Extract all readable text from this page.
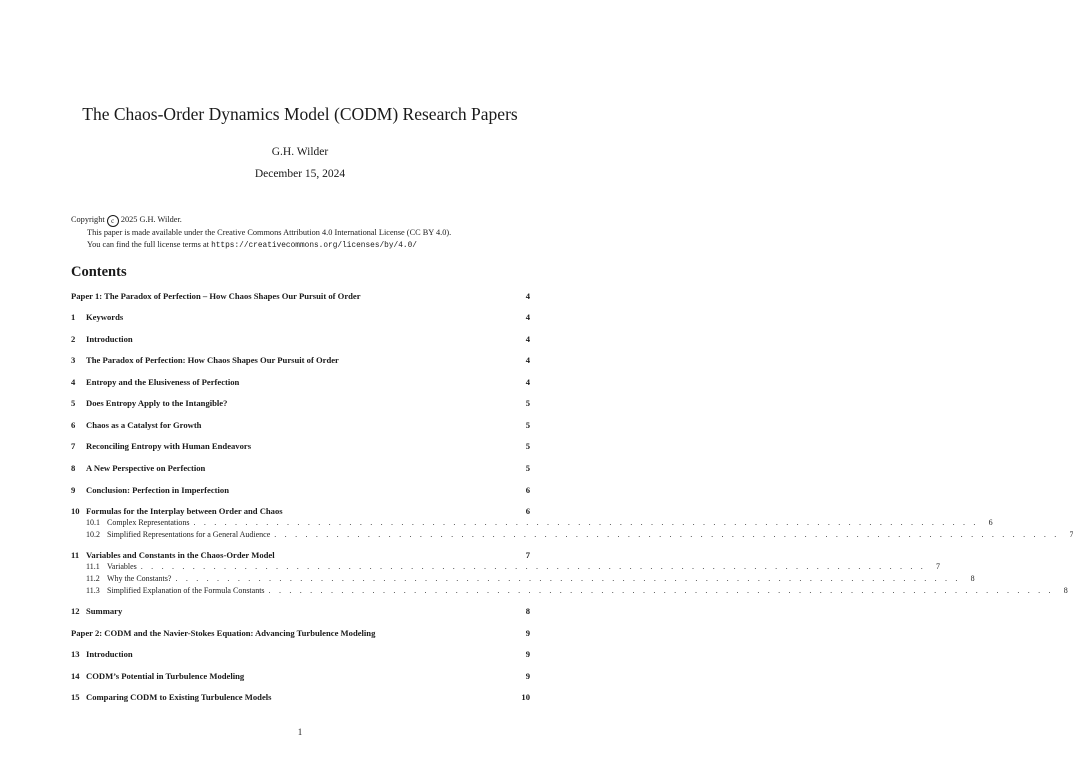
The Chaos-Order Dynamics Model (CODM) Research Papers
G.H. Wilder
December 15, 2024
Copyright c 2025 G.H. Wilder.
This paper is made available under the Creative Commons Attribution 4.0 International License (CC BY 4.0).
You can find the full license terms at https://creativecommons.org/licenses/by/4.0/
Contents
Paper 1: The Paradox of Perfection – How Chaos Shapes Our Pursuit of Order	4
1 Keywords	4
2 Introduction	4
3 The Paradox of Perfection: How Chaos Shapes Our Pursuit of Order	4
4 Entropy and the Elusiveness of Perfection	4
5 Does Entropy Apply to the Intangible?	5
6 Chaos as a Catalyst for Growth	5
7 Reconciling Entropy with Human Endeavors	5
8 A New Perspective on Perfection	5
9 Conclusion: Perfection in Imperfection	6
10 Formulas for the Interplay between Order and Chaos	6
10.1 Complex Representations . . . . . . . . . . . . . . . . . . . . . . . . . . . . . . . . . . . . . . . . . . . . . . . . . . . . . . . . . . . . . . . . . . . . . . . . . . . .	6
10.2 Simplified Representations for a General Audience . . . . . . . . . . . . . . . . . . . . . . . . . . . . . . . . . . . . . . . . . . . . . . . . . . . . . . . . . . . . . . . . . . . . . . . . . . . .	7
11 Variables and Constants in the Chaos-Order Model	7
11.1 Variables . . . . . . . . . . . . . . . . . . . . . . . . . . . . . . . . . . . . . . . . . . . . . . . . . . . . . . . . . . . . . . . . . . . . . . . . . . . .	7
11.2 Why the Constants? . . . . . . . . . . . . . . . . . . . . . . . . . . . . . . . . . . . . . . . . . . . . . . . . . . . . . . . . . . . . . . . . . . . . . . . . . . . .	8
11.3 Simplified Explanation of the Formula Constants . . . . . . . . . . . . . . . . . . . . . . . . . . . . . . . . . . . . . . . . . . . . . . . . . . . . . . . . . . . . . . . . . . . . . . . . . . . .	8
12 Summary	8
Paper 2: CODM and the Navier-Stokes Equation: Advancing Turbulence Modeling	9
13 Introduction	9
14 CODM’s Potential in Turbulence Modeling	9
15 Comparing CODM to Existing Turbulence Models	10
1
